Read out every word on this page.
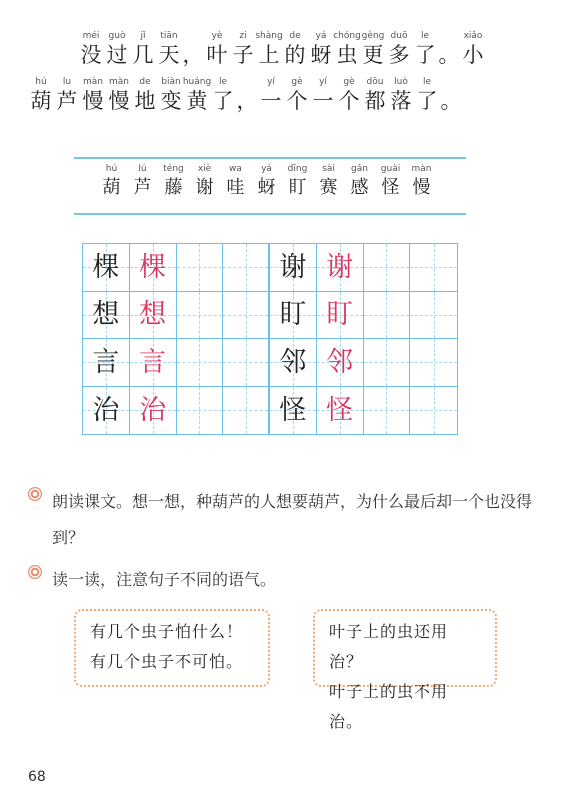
méi
没
guò
过
jǐ
几
tiān
天 ，
yè
叶
zi
子
shàng
上
de
的
yá
蚜
chóng
虫
gèng
更
duō
多
le
了 。
xiǎo
小
hú
葫
lu
芦
màn
慢
màn
慢
de
地
biàn
变
huáng
黄
le
了 ，
yí
一
gè
个
yí
一
gè
个
dōu
都
luò
落
le
了 。
hú
葫
lú
芦
téng
藤
xiè
谢
wa
哇
yá
蚜
dīng
盯
sài
赛
gǎn
感
guài
怪
màn
慢
棵 棵	谢 谢
想 想	盯 盯
言 言	邻 邻
治 治	怪 怪
朗读课文。想一想，种葫芦的人想要葫芦，为什么最后却一个也没得到？
读一读，注意句子不同的语气。
有几个虫子怕什么！
有几个虫子不可怕。
叶子上的虫还用治？
叶子上的虫不用治。
68
